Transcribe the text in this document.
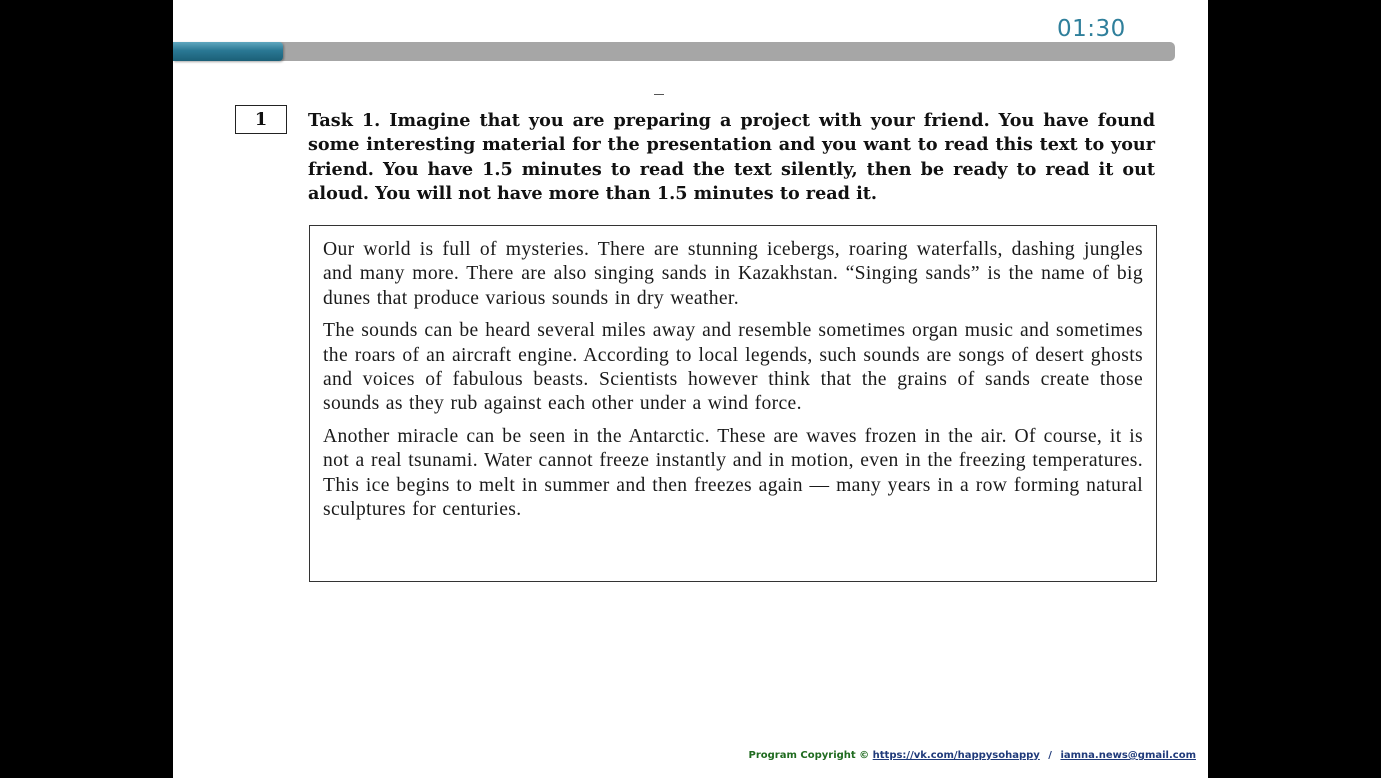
01:30
1	Task 1. Imagine that you are preparing a project with your friend. You have found some interesting material for the presentation and you want to read this text to your friend. You have 1.5 minutes to read the text silently, then be ready to read it out aloud. You will not have more than 1.5 minutes to read it.

Our world is full of mysteries. There are stunning icebergs, roaring waterfalls, dashing jungles and many more. There are also singing sands in Kazakhstan. “Singing sands” is the name of big dunes that produce various sounds in dry weather.

The sounds can be heard several miles away and resemble sometimes organ music and sometimes the roars of an aircraft engine. According to local legends, such sounds are songs of desert ghosts and voices of fabulous beasts. Scientists however think that the grains of sands create those sounds as they rub against each other under a wind force.

Another miracle can be seen in the Antarctic. These are waves frozen in the air. Of course, it is not a real tsunami. Water cannot freeze instantly and in motion, even in the freezing temperatures. This ice begins to melt in summer and then freezes again — many years in a row forming natural sculptures for centuries.

Program Copyright © https://vk.com/happysohappy / iamna.news@gmail.com
